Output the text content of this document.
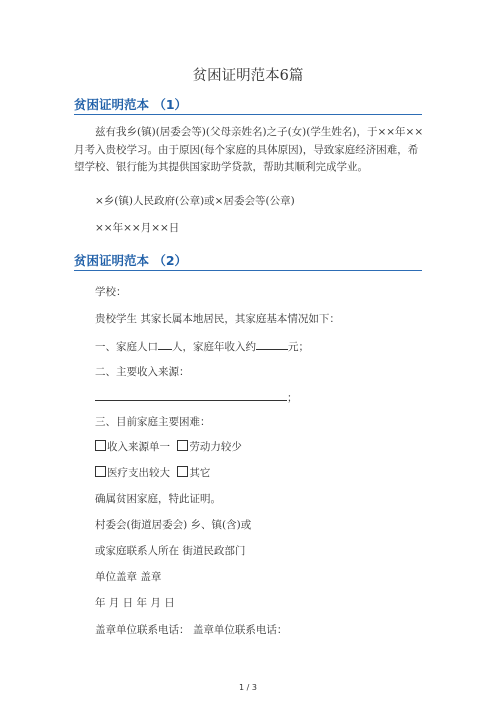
贫困证明范本6篇
贫困证明范本 （1）
兹有我乡(镇)(居委会等)(父母亲姓名)之子(女)(学生姓名)，于××年××月考入贵校学习。由于原因(每个家庭的具体原因)，导致家庭经济困难，希望学校、银行能为其提供国家助学贷款，帮助其顺利完成学业。
×乡(镇)人民政府(公章)或×居委会等(公章)
××年××月××日
贫困证明范本 （2）
学校：
贵校学生 其家长属本地居民，其家庭基本情况如下：
一、家庭人口 人，家庭年收入约	元；
二、主要收入来源：
；
三、目前家庭主要困难：
收入来源单一 劳动力较少
医疗支出较大 其它
确属贫困家庭，特此证明。
村委会(街道居委会) 乡、镇(含)或
或家庭联系人所在 街道民政部门
单位盖章 盖章
年 月 日 年 月 日
盖章单位联系电话： 盖章单位联系电话：
1 / 3
